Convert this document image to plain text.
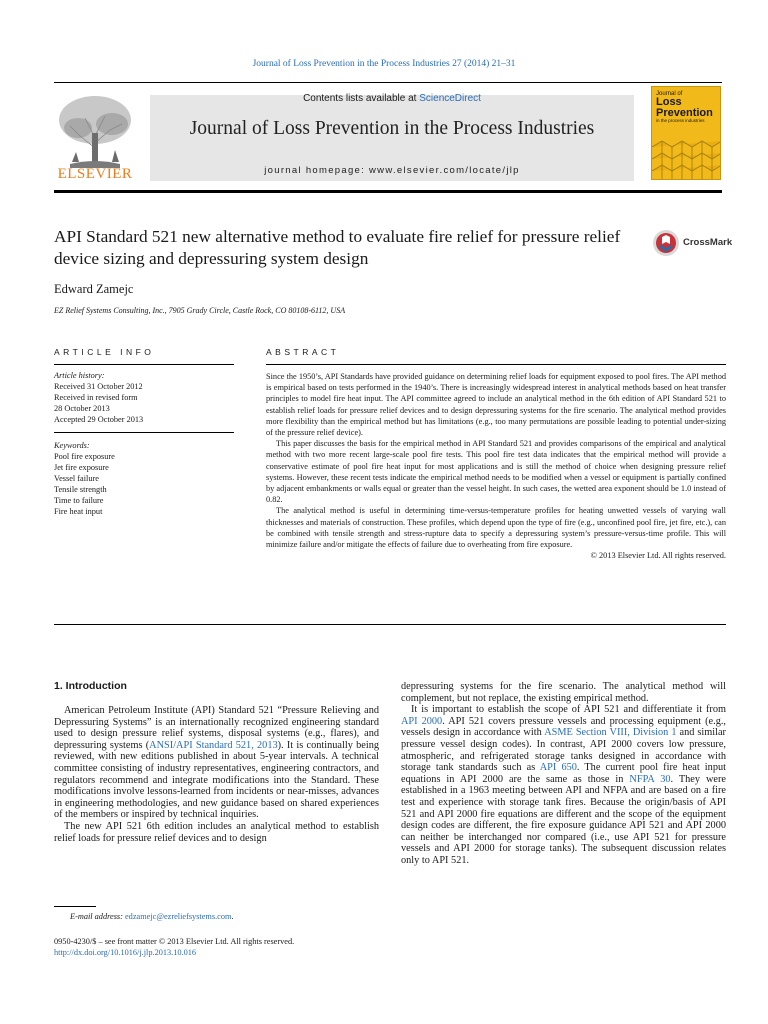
Journal of Loss Prevention in the Process Industries 27 (2014) 21–31
ELSEVIER
Contents lists available at ScienceDirect
Journal of Loss Prevention in the Process Industries
journal homepage: www.elsevier.com/locate/jlp
Journal of
Loss
Prevention
in the process industries
API Standard 521 new alternative method to evaluate fire relief for pressure relief device sizing and depressuring system design
CrossMark
Edward Zamejc
EZ Relief Systems Consulting, Inc., 7905 Grady Circle, Castle Rock, CO 80108-6112, USA
ARTICLE INFO	ABSTRACT
Article history:
Received 31 October 2012
Received in revised form
28 October 2013
Accepted 29 October 2013
Keywords:
Pool fire exposure
Jet fire exposure
Vessel failure
Tensile strength
Time to failure
Fire heat input

Since the 1950’s, API Standards have provided guidance on determining relief loads for equipment exposed to pool fires. The API method is empirical based on tests performed in the 1940’s. There is increasingly widespread interest in analytical methods based on heat transfer principles to model fire heat input. The API committee agreed to include an analytical method in the 6th edition of API Standard 521 to establish relief loads for pressure relief devices and to design depressuring systems for the fire scenario. The analytical method provides more flexibility than the empirical method but has limitations (e.g., too many permutations are possible leading to potential under-sizing of the pressure relief device).

This paper discusses the basis for the empirical method in API Standard 521 and provides comparisons of the empirical and analytical method with two more recent large-scale pool fire tests. This pool fire test data indicates that the empirical method will provide a conservative estimate of pool fire heat input for most applications and is still the method of choice when designing pressure relief systems. However, these recent tests indicate the empirical method needs to be modified when a vessel or equipment is partially confined by adjacent embankments or walls equal or greater than the vessel height. In such cases, the wetted area exponent should be 1.0 instead of 0.82.

The analytical method is useful in determining time-versus-temperature profiles for heating unwetted vessels of varying wall thicknesses and materials of construction. These profiles, which depend upon the type of fire (e.g., unconfined pool fire, jet fire, etc.), can be combined with tensile strength and stress-rupture data to specify a depressuring system’s pressure-versus-time profile. This will minimize failure and/or mitigate the effects of failure due to overheating from fire exposure.

© 2013 Elsevier Ltd. All rights reserved.
1. Introduction

American Petroleum Institute (API) Standard 521 “Pressure Relieving and Depressuring Systems” is an internationally recognized engineering standard used to design pressure relief systems, disposal systems (e.g., flares), and depressuring systems (ANSI/API Standard 521, 2013). It is continually being reviewed, with new editions published in about 5-year intervals. A technical committee consisting of industry representatives, engineering contractors, and regulators recommend and integrate modifications into the Standard. These modifications involve lessons-learned from incidents or near-misses, advances in engineering methodologies, and new guidance based on shared experiences of the members or inspired by technical inquiries.

The new API 521 6th edition includes an analytical method to establish relief loads for pressure relief devices and to design

depressuring systems for the fire scenario. The analytical method will complement, but not replace, the existing empirical method.

It is important to establish the scope of API 521 and differentiate it from API 2000. API 521 covers pressure vessels and processing equipment (e.g., vessels design in accordance with ASME Section VIII, Division 1 and similar pressure vessel design codes). In contrast, API 2000 covers low pressure, atmospheric, and refrigerated storage tanks designed in accordance with storage tank standards such as API 650. The current pool fire heat input equations in API 2000 are the same as those in NFPA 30. They were established in a 1963 meeting between API and NFPA and are based on a fire test and experience with storage tank fires. Because the origin/basis of API 521 and API 2000 fire equations are different and the scope of the equipment design codes are different, the fire exposure guidance API 521 and API 2000 can neither be interchanged nor compared (i.e., use API 521 for pressure vessels and API 2000 for storage tanks). The subsequent discussion relates only to API 521.

E-mail address: edzamejc@ezreliefsystems.com.
0950-4230/$ – see front matter © 2013 Elsevier Ltd. All rights reserved.
http://dx.doi.org/10.1016/j.jlp.2013.10.016
